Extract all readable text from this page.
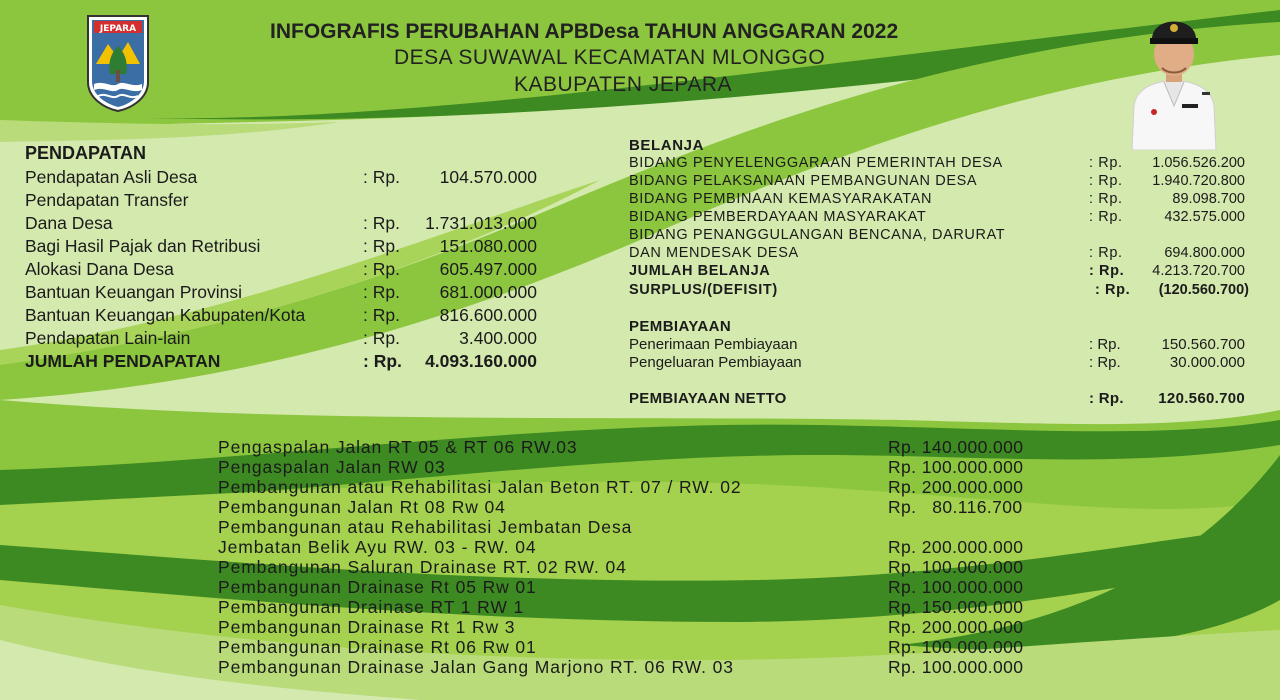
JEPARA	INFOGRAFIS PERUBAHAN APBDesa TAHUN ANGGARAN 2022
DESA SUWAWAL KECAMATAN MLONGGO
KABUPATEN JEPARA
PENDAPATAN
Pendapatan Asli Desa	: Rp. 104.570.000
Pendapatan Transfer
Dana Desa	: Rp. 1.731.013.000
Bagi Hasil Pajak dan Retribusi	: Rp. 151.080.000
Alokasi Dana Desa	: Rp. 605.497.000
Bantuan Keuangan Provinsi	: Rp. 681.000.000
Bantuan Keuangan Kabupaten/Kota	: Rp. 816.600.000
Pendapatan Lain-lain	: Rp.	3.400.000
JUMLAH PENDAPATAN	: Rp. 4.093.160.000
BELANJA
BIDANG PENYELENGGARAAN PEMERINTAH DESA	: Rp. 1.056.526.200
BIDANG PELAKSANAAN PEMBANGUNAN DESA	: Rp. 1.940.720.800
BIDANG PEMBINAAN KEMASYARAKATAN	: Rp.	89.098.700
BIDANG PEMBERDAYAAN MASYARAKAT	: Rp.	432.575.000
BIDANG PENANGGULANGAN BENCANA, DARURAT
DAN MENDESAK DESA	: Rp.	694.800.000
JUMLAH BELANJA	: Rp. 4.213.720.700
SURPLUS/(DEFISIT)	: Rp. (120.560.700)
PEMBIAYAAN
Penerimaan Pembiayaan	: Rp.	150.560.700
Pengeluaran Pembiayaan	: Rp.	30.000.000
PEMBIAYAAN NETTO	: Rp. 120.560.700
Pengaspalan Jalan RT 05 & RT 06 RW.03	Rp. 140.000.000
Pengaspalan Jalan RW 03	Rp. 100.000.000
Pembangunan atau Rehabilitasi Jalan Beton RT. 07 / RW. 02	Rp. 200.000.000
Pembangunan Jalan Rt 08 Rw 04	Rp.   80.116.700
Pembangunan atau Rehabilitasi Jembatan Desa
Jembatan Belik Ayu RW. 03 - RW. 04	Rp. 200.000.000
Pembangunan Saluran Drainase RT. 02 RW. 04	Rp. 100.000.000
Pembangunan Drainase Rt 05 Rw 01	Rp. 100.000.000
Pembangunan Drainase RT 1 RW 1	Rp. 150.000.000
Pembangunan Drainase Rt 1 Rw 3	Rp. 200.000.000
Pembangunan Drainase Rt 06 Rw 01	Rp. 100.000.000
Pembangunan Drainase Jalan Gang Marjono RT. 06 RW. 03	Rp. 100.000.000
